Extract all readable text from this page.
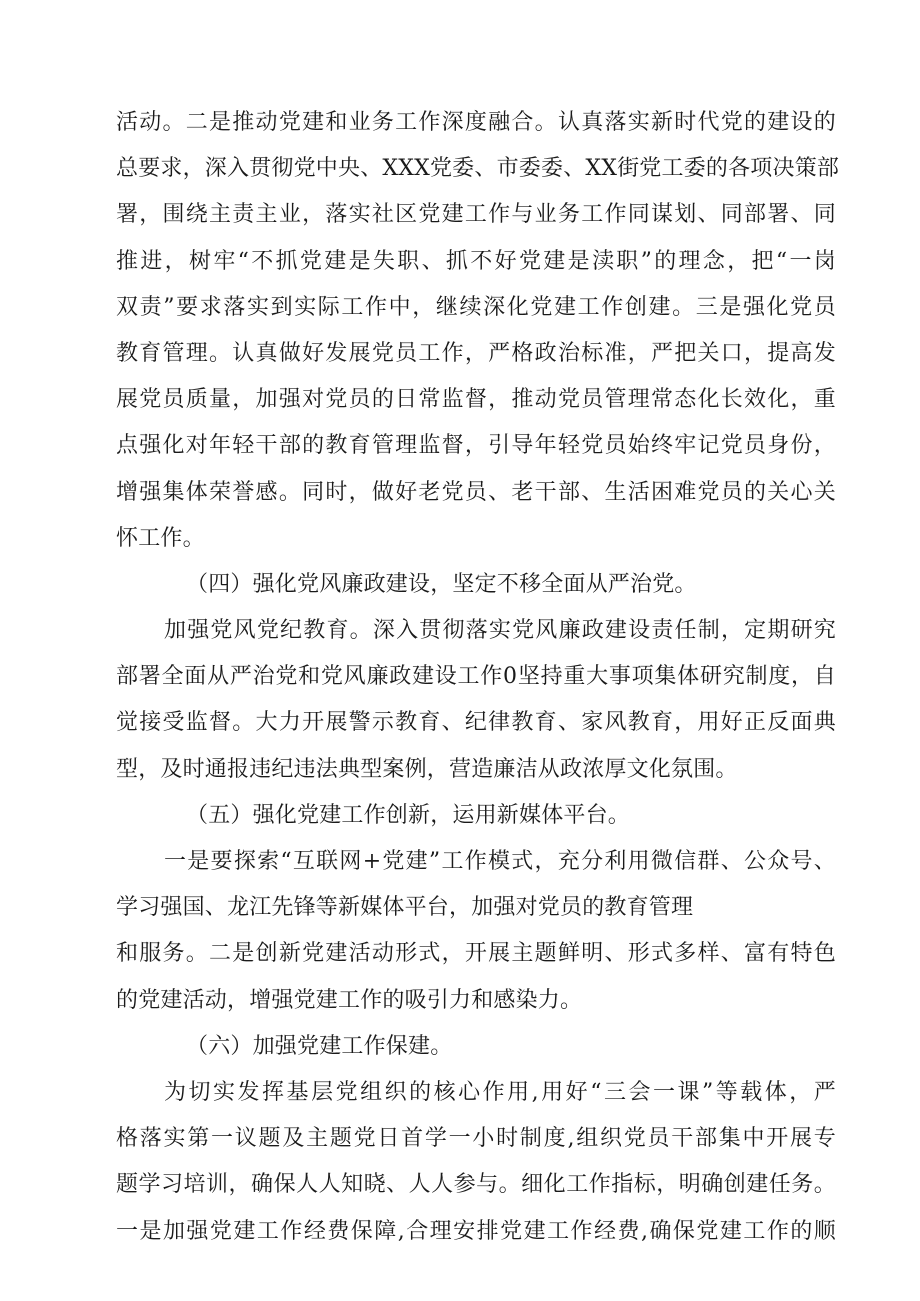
活动。二是推动党建和业务工作深度融合。认真落实新时代党的建设的
总要求，深入贯彻党中央、XXX党委、市委委、XX街党工委的各项决策部
署，围绕主责主业，落实社区党建工作与业务工作同谋划、同部署、同
推进，树牢“不抓党建是失职、抓不好党建是渎职”的理念，把“一岗
双责”要求落实到实际工作中，继续深化党建工作创建。三是强化党员
教育管理。认真做好发展党员工作，严格政治标准，严把关口，提高发
展党员质量，加强对党员的日常监督，推动党员管理常态化长效化，重
点强化对年轻干部的教育管理监督，引导年轻党员始终牢记党员身份，
增强集体荣誉感。同时，做好老党员、老干部、生活困难党员的关心关
怀工作。
（四）强化党风廉政建设，坚定不移全面从严治党。
加强党风党纪教育。深入贯彻落实党风廉政建设责任制，定期研究
部署全面从严治党和党风廉政建设工作0坚持重大事项集体研究制度，自
觉接受监督。大力开展警示教育、纪律教育、家风教育，用好正反面典
型，及时通报违纪违法典型案例，营造廉洁从政浓厚文化氛围。
（五）强化党建工作创新，运用新媒体平台。
一是要探索“互联网+党建”工作模式，充分利用微信群、公众号、
学习强国、龙江先锋等新媒体平台，加强对党员的教育管理
和服务。二是创新党建活动形式，开展主题鲜明、形式多样、富有特色
的党建活动，增强党建工作的吸引力和感染力。
（六）加强党建工作保建。
为切实发挥基层党组织的核心作用,用好“三会一课”等载体，严
格落实第一议题及主题党日首学一小时制度,组织党员干部集中开展专
题学习培训，确保人人知晓、人人参与。细化工作指标，明确创建任务。
一是加强党建工作经费保障,合理安排党建工作经费,确保党建工作的顺
